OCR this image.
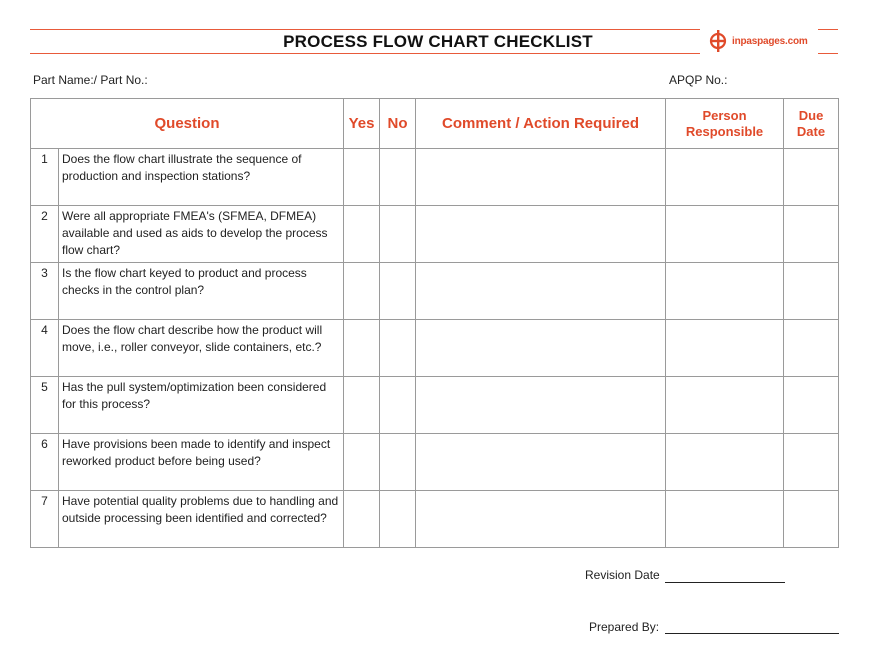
PROCESS FLOW CHART CHECKLIST	inpaspages.com
Part Name:/ Part No.:	APQP No.:
Question		Yes	No	Comment / Action Required	Person Responsible	Due Date
1	Does the flow chart illustrate the sequence of production and inspection stations?					
2	Were all appropriate FMEA's (SFMEA, DFMEA) available and used as aids to develop the process flow chart?					
3	Is the flow chart keyed to product and process checks in the control plan?					
4	Does the flow chart describe how the product will move, i.e., roller conveyor, slide containers, etc.?					
5	Has the pull system/optimization been considered for this process?					
6	Have provisions been made to identify and inspect reworked product before being used?					
7	Have potential quality problems due to handling and outside processing been identified and corrected?					
Revision Date
Prepared By:
